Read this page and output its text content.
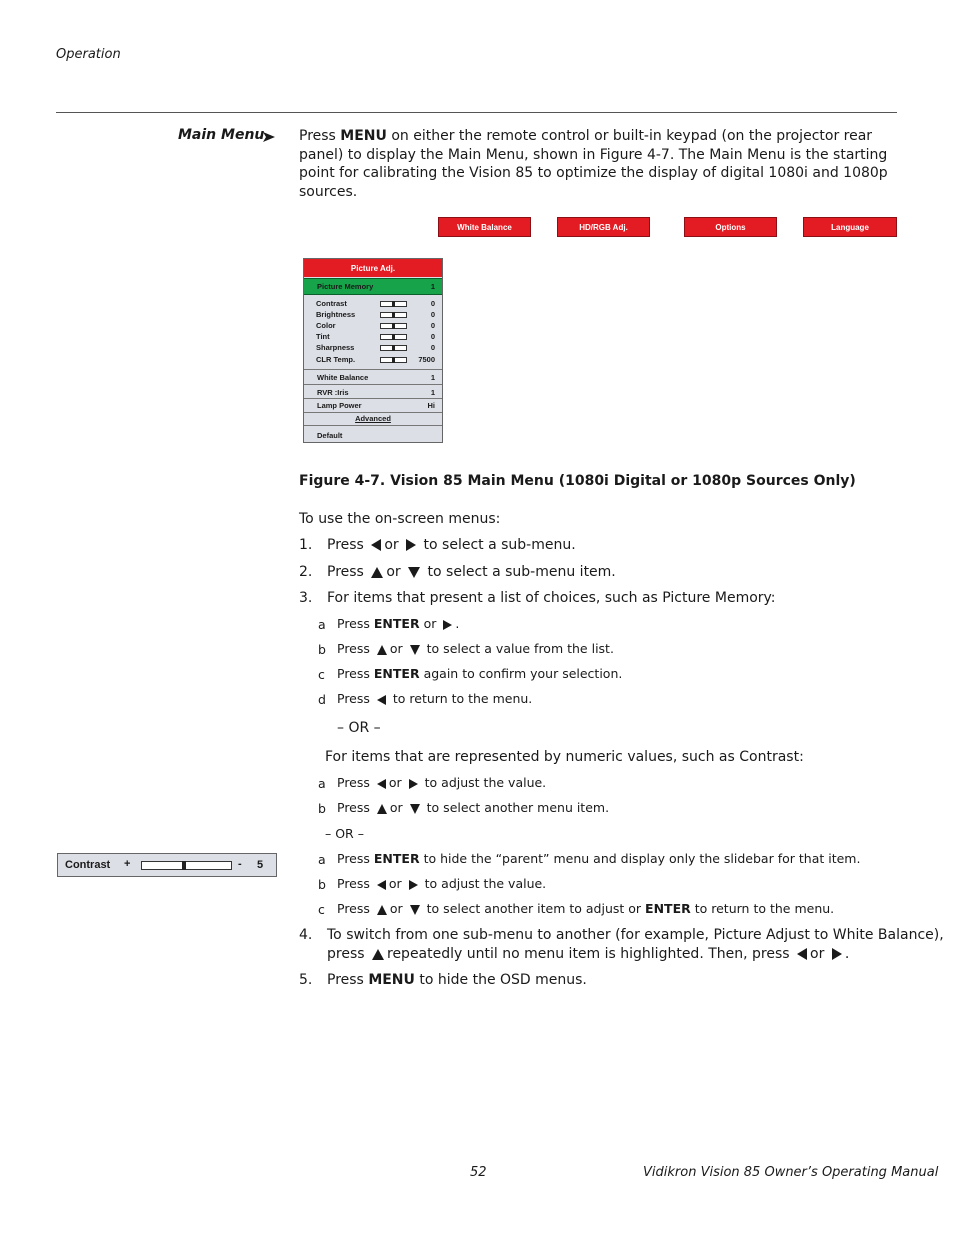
Operation
Main Menu Press MENU on either the remote control or built-in keypad (on the projector rear panel) to display the Main Menu, shown in Figure 4-7. The Main Menu is the starting point for calibrating the Vision 85 to optimize the display of digital 1080i and 1080p sources.
White Balance	HD/RGB Adj.	Options	Language
Picture Adj.
Picture Memory	1
Contrast	0
Brightness	0
Color	0
Tint	0
Sharpness	0
CLR Temp.	7500
White Balance	1
RVR :Iris	1
Lamp Power	Hi
Advanced
Default
Figure 4-7. Vision 85 Main Menu (1080i Digital or 1080p Sources Only)
To use the on-screen menus:
1. Press or to select a sub-menu.
2. Press or to select a sub-menu item.
3. For items that present a list of choices, such as Picture Memory:
a Press ENTER or .
b Press or to select a value from the list.
c Press ENTER again to confirm your selection.
d Press to return to the menu.
– OR –
For items that are represented by numeric values, such as Contrast:
a Press or to adjust the value.
b Press or to select another menu item.
– OR –
Contrast +	- 5	a Press ENTER to hide the “parent” menu and display only the slidebar for that item.
b Press or to adjust the value.
c Press or to select another item to adjust or ENTER to return to the menu.
4. To switch from one sub-menu to another (for example, Picture Adjust to White Balance),
press repeatedly until no menu item is highlighted. Then, press or .
5. Press MENU to hide the OSD menus.
52	Vidikron Vision 85 Owner’s Operating Manual
